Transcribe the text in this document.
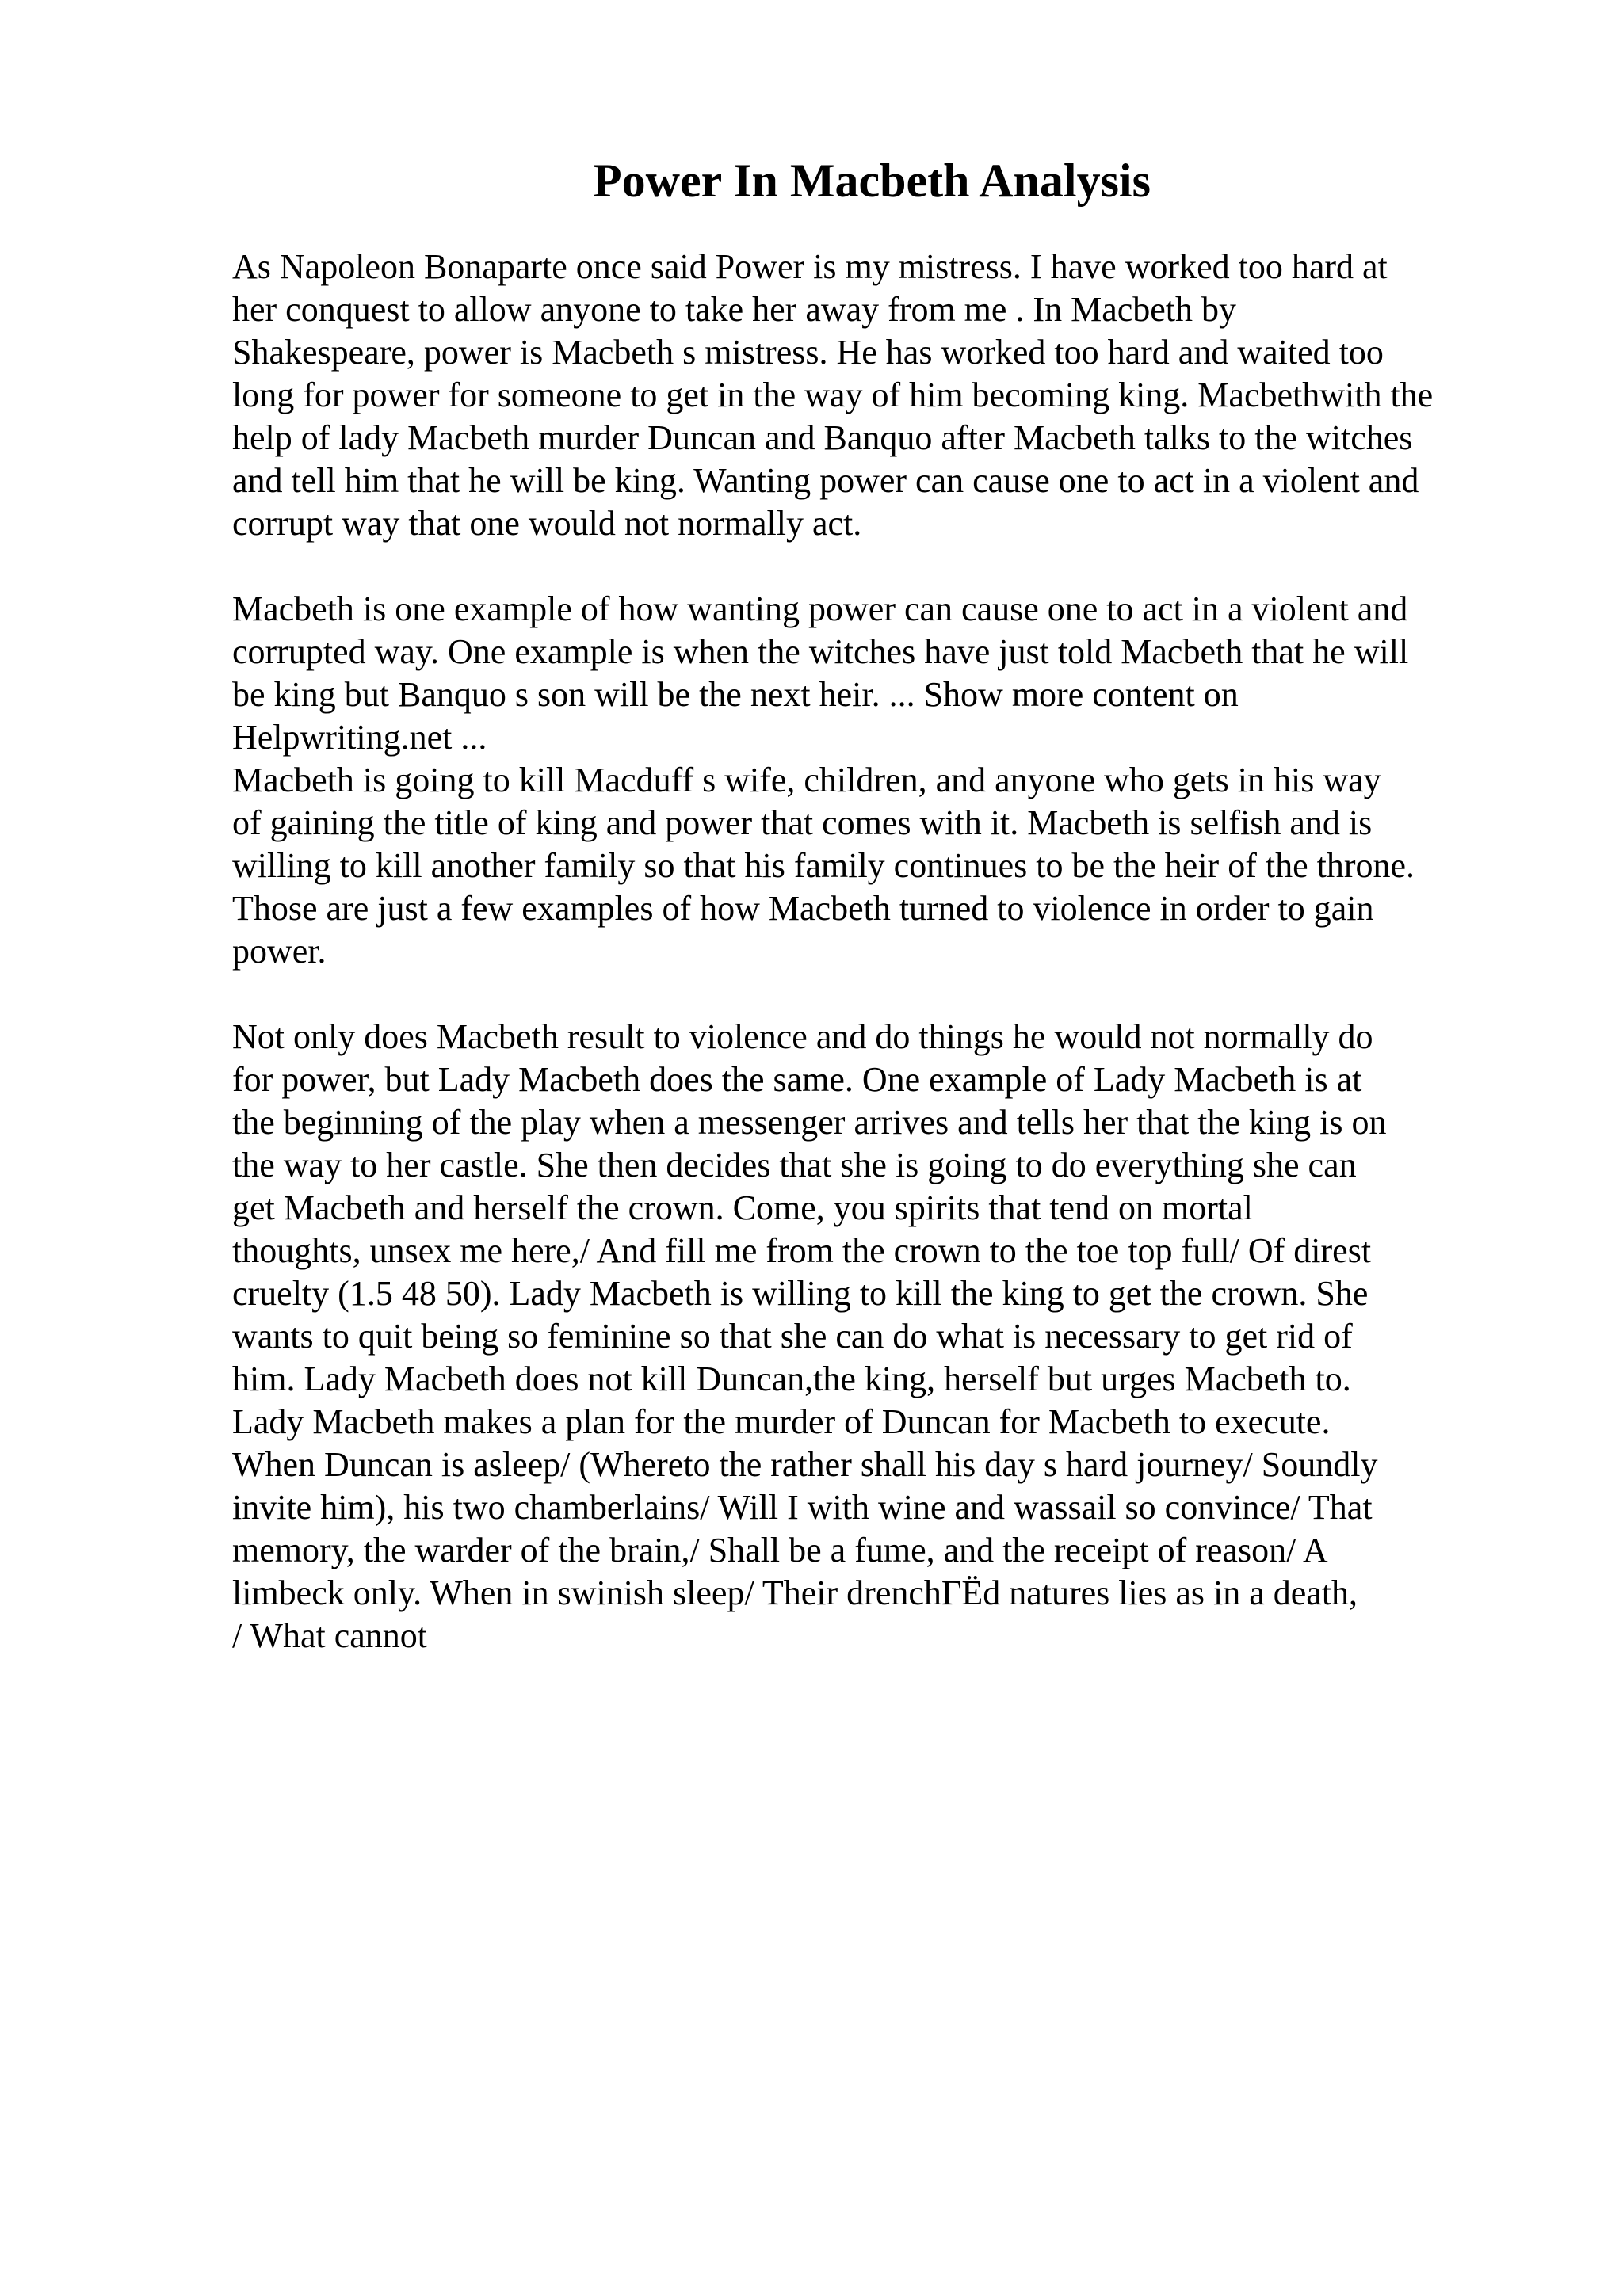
Power In Macbeth Analysis
As Napoleon Bonaparte once said Power is my mistress. I have worked too hard at
her conquest to allow anyone to take her away from me . In Macbeth by
Shakespeare, power is Macbeth s mistress. He has worked too hard and waited too
long for power for someone to get in the way of him becoming king. Macbethwith the
help of lady Macbeth murder Duncan and Banquo after Macbeth talks to the witches
and tell him that he will be king. Wanting power can cause one to act in a violent and
corrupt way that one would not normally act.
Macbeth is one example of how wanting power can cause one to act in a violent and
corrupted way. One example is when the witches have just told Macbeth that he will
be king but Banquo s son will be the next heir. ... Show more content on
Helpwriting.net ...
Macbeth is going to kill Macduff s wife, children, and anyone who gets in his way
of gaining the title of king and power that comes with it. Macbeth is selfish and is
willing to kill another family so that his family continues to be the heir of the throne.
Those are just a few examples of how Macbeth turned to violence in order to gain
power.
Not only does Macbeth result to violence and do things he would not normally do
for power, but Lady Macbeth does the same. One example of Lady Macbeth is at
the beginning of the play when a messenger arrives and tells her that the king is on
the way to her castle. She then decides that she is going to do everything she can
get Macbeth and herself the crown. Come, you spirits that tend on mortal
thoughts, unsex me here,/ And fill me from the crown to the toe top full/ Of direst
cruelty (1.5 48 50). Lady Macbeth is willing to kill the king to get the crown. She
wants to quit being so feminine so that she can do what is necessary to get rid of
him. Lady Macbeth does not kill Duncan,the king, herself but urges Macbeth to.
Lady Macbeth makes a plan for the murder of Duncan for Macbeth to execute.
When Duncan is asleep/ (Whereto the rather shall his day s hard journey/ Soundly
invite him), his two chamberlains/ Will I with wine and wassail so convince/ That
memory, the warder of the brain,/ Shall be a fume, and the receipt of reason/ A
limbeck only. When in swinish sleep/ Their drenchГЁd natures lies as in a death,
/ What cannot
